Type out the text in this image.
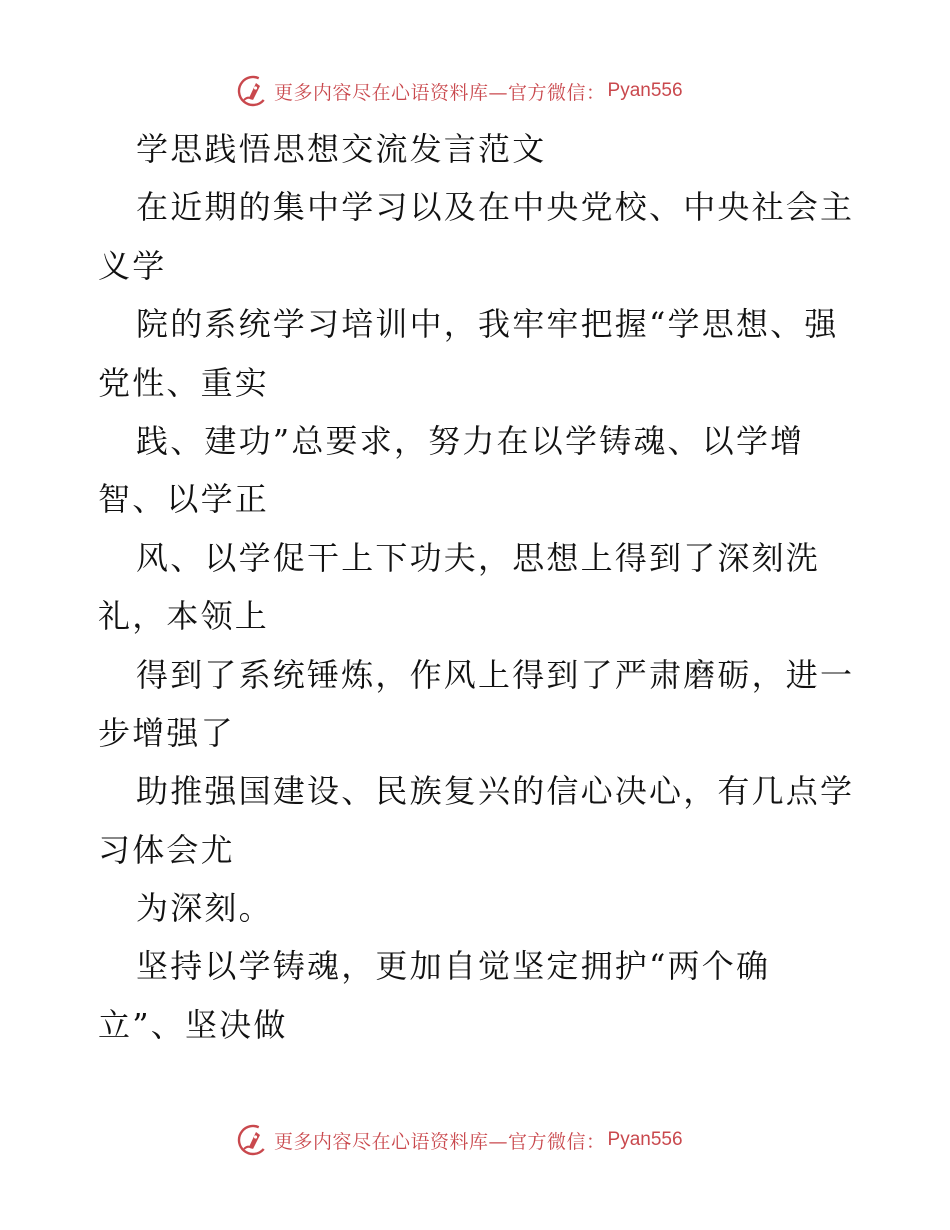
更多内容尽在心语资料库—官方微信： Pyan556
学思践悟思想交流发言范文
在近期的集中学习以及在中央党校、中央社会主
义学
院的系统学习培训中，我牢牢把握“学思想、强
党性、重实
践、建功”总要求，努力在以学铸魂、以学增
智、以学正
风、以学促干上下功夫，思想上得到了深刻洗
礼，本领上
得到了系统锤炼，作风上得到了严肃磨砺，进一
步增强了
助推强国建设、民族复兴的信心决心，有几点学
习体会尤
为深刻。
坚持以学铸魂，更加自觉坚定拥护“两个确
立”、坚决做
更多内容尽在心语资料库—官方微信： Pyan556
